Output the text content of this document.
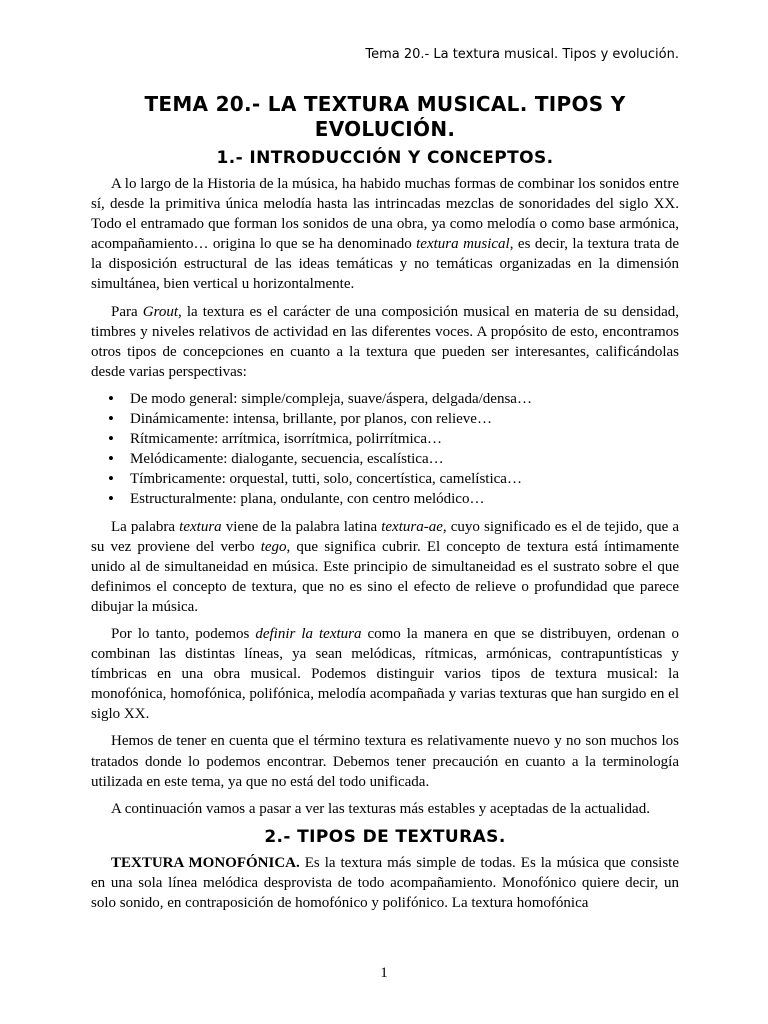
Tema 20.- La textura musical. Tipos y evolución.
TEMA 20.- LA TEXTURA MUSICAL. TIPOS Y EVOLUCIÓN.
1.- INTRODUCCIÓN Y CONCEPTOS.

A lo largo de la Historia de la música, ha habido muchas formas de combinar los sonidos entre sí, desde la primitiva única melodía hasta las intrincadas mezclas de sonoridades del siglo XX. Todo el entramado que forman los sonidos de una obra, ya como melodía o como base armónica, acompañamiento… origina lo que se ha denominado textura musical, es decir, la textura trata de la disposición estructural de las ideas temáticas y no temáticas organizadas en la dimensión simultánea, bien vertical u horizontalmente.

Para Grout, la textura es el carácter de una composición musical en materia de su densidad, timbres y niveles relativos de actividad en las diferentes voces. A propósito de esto, encontramos otros tipos de concepciones en cuanto a la textura que pueden ser interesantes, calificándolas desde varias perspectivas:

• De modo general: simple/compleja, suave/áspera, delgada/densa…
• Dinámicamente: intensa, brillante, por planos, con relieve…
• Rítmicamente: arrítmica, isorrítmica, polirrítmica…
• Melódicamente: dialogante, secuencia, escalística…
• Tímbricamente: orquestal, tutti, solo, concertística, camelística…
• Estructuralmente: plana, ondulante, con centro melódico…

La palabra textura viene de la palabra latina textura-ae, cuyo significado es el de tejido, que a su vez proviene del verbo tego, que significa cubrir. El concepto de textura está íntimamente unido al de simultaneidad en música. Este principio de simultaneidad es el sustrato sobre el que definimos el concepto de textura, que no es sino el efecto de relieve o profundidad que parece dibujar la música.

Por lo tanto, podemos definir la textura como la manera en que se distribuyen, ordenan o combinan las distintas líneas, ya sean melódicas, rítmicas, armónicas, contrapuntísticas y tímbricas en una obra musical. Podemos distinguir varios tipos de textura musical: la monofónica, homofónica, polifónica, melodía acompañada y varias texturas que han surgido en el siglo XX.

Hemos de tener en cuenta que el término textura es relativamente nuevo y no son muchos los tratados donde lo podemos encontrar. Debemos tener precaución en cuanto a la terminología utilizada en este tema, ya que no está del todo unificada.

A continuación vamos a pasar a ver las texturas más estables y aceptadas de la actualidad.

2.- TIPOS DE TEXTURAS.

TEXTURA MONOFÓNICA. Es la textura más simple de todas. Es la música que consiste en una sola línea melódica desprovista de todo acompañamiento. Monofónico quiere decir, un solo sonido, en contraposición de homofónico y polifónico. La textura homofónica

1
